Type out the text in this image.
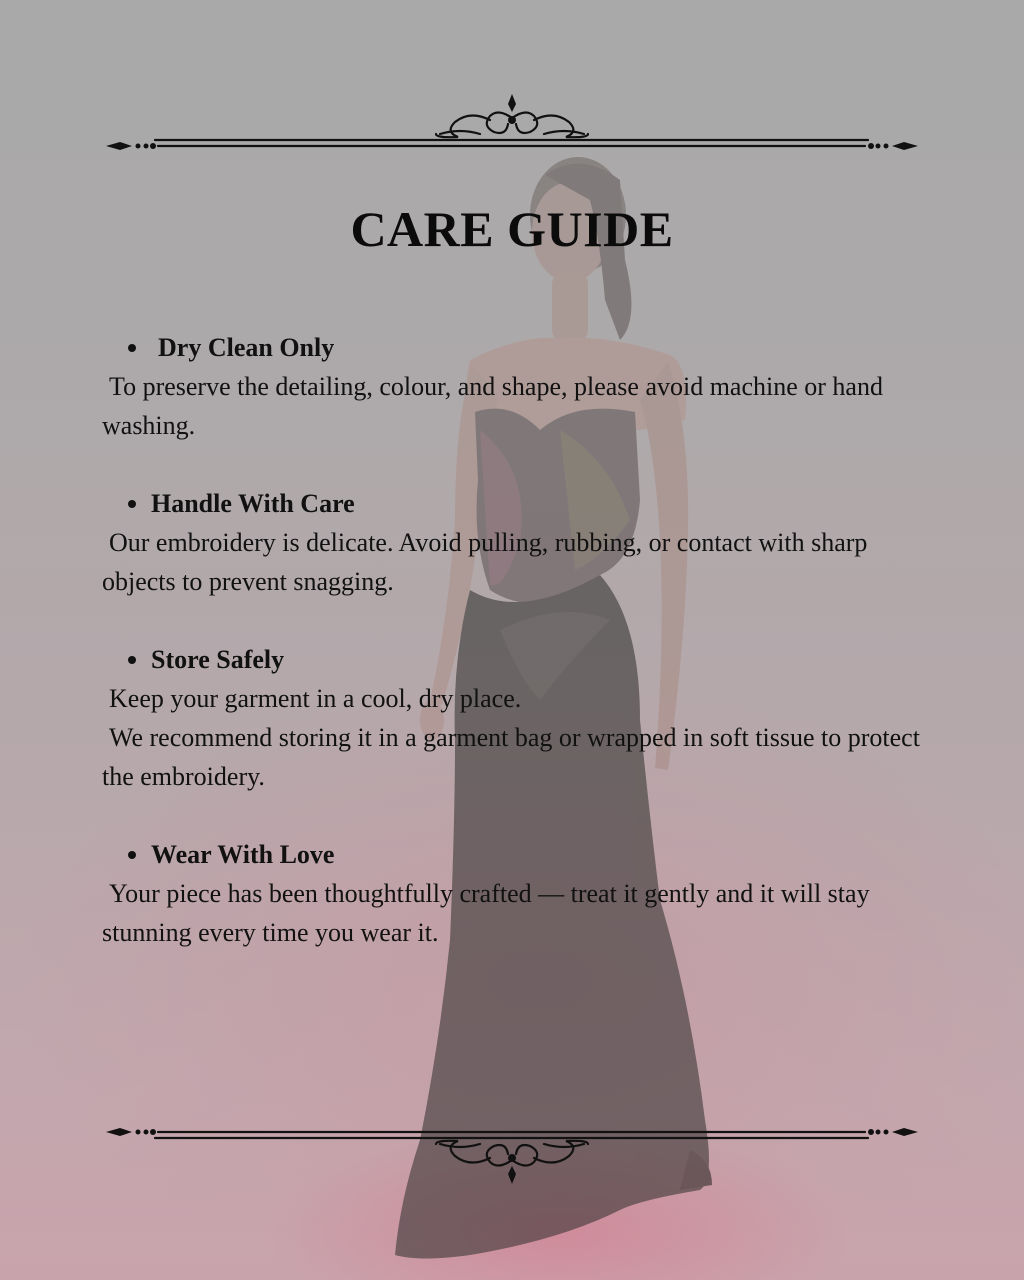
CARE GUIDE
Dry Clean Only

To preserve the detailing, colour, and shape, please avoid machine or hand washing.

Handle With Care

Our embroidery is delicate. Avoid pulling, rubbing, or contact with sharp objects to prevent snagging.

Store Safely

Keep your garment in a cool, dry place.

We recommend storing it in a garment bag or wrapped in soft tissue to protect the embroidery.

Wear With Love

Your piece has been thoughtfully crafted — treat it gently and it will stay stunning every time you wear it.
